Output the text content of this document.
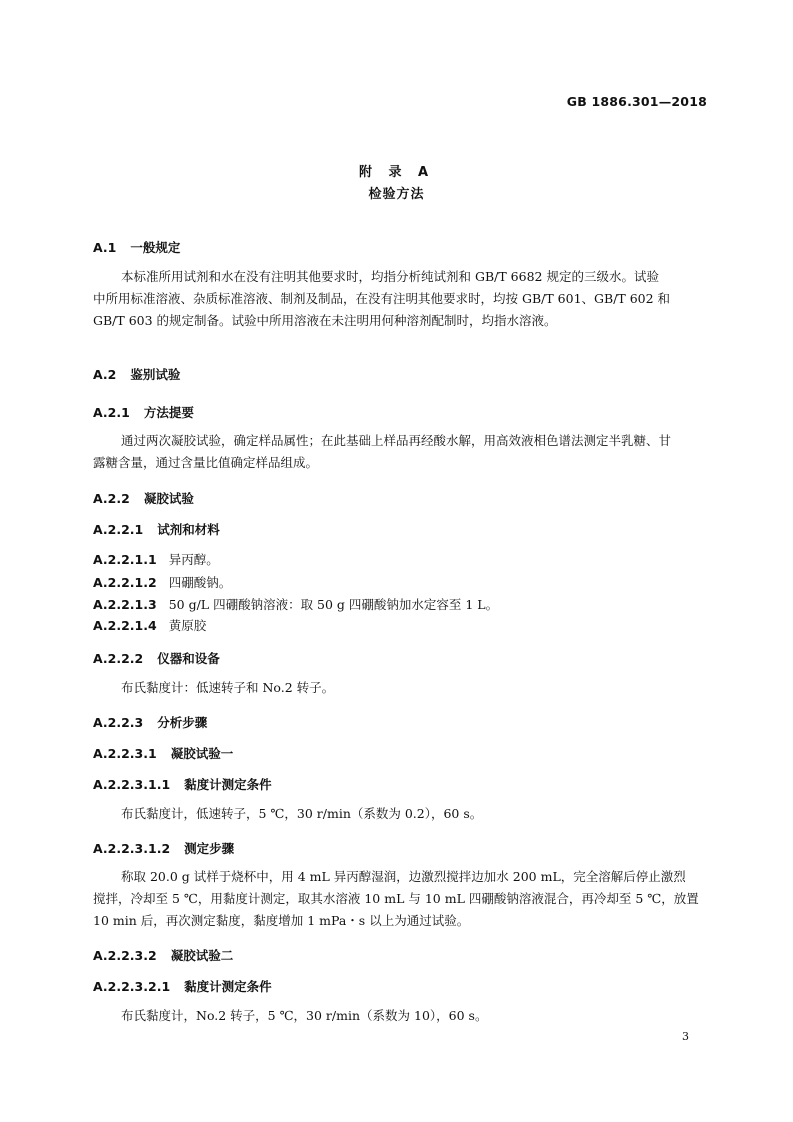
GB 1886.301—2018
附 录 A
检验方法
A.1 一般规定
本标准所用试剂和水在没有注明其他要求时，均指分析纯试剂和 GB/T 6682 规定的三级水。试验
中所用标准溶液、杂质标准溶液、制剂及制品，在没有注明其他要求时，均按 GB/T 601、GB/T 602 和
GB/T 603 的规定制备。试验中所用溶液在未注明用何种溶剂配制时，均指水溶液。
A.2 鉴别试验
A.2.1 方法提要
通过两次凝胶试验，确定样品属性；在此基础上样品再经酸水解，用高效液相色谱法测定半乳糖、甘
露糖含量，通过含量比值确定样品组成。
A.2.2 凝胶试验
A.2.2.1 试剂和材料
A.2.2.1.1 异丙醇。
A.2.2.1.2 四硼酸钠。
A.2.2.1.3 50 g/L 四硼酸钠溶液：取 50 g 四硼酸钠加水定容至 1 L。
A.2.2.1.4 黄原胶
A.2.2.2 仪器和设备
布氏黏度计：低速转子和 No.2 转子。
A.2.2.3 分析步骤
A.2.2.3.1 凝胶试验一
A.2.2.3.1.1 黏度计测定条件
布氏黏度计，低速转子，5 ℃，30 r/min（系数为 0.2），60 s。
A.2.2.3.1.2 测定步骤
称取 20.0 g 试样于烧杯中，用 4 mL 异丙醇湿润，边激烈搅拌边加水 200 mL，完全溶解后停止激烈
搅拌，冷却至 5 ℃，用黏度计测定，取其水溶液 10 mL 与 10 mL 四硼酸钠溶液混合，再冷却至 5 ℃，放置
10 min 后，再次测定黏度，黏度增加 1 mPa・s 以上为通过试验。
A.2.2.3.2 凝胶试验二
A.2.2.3.2.1 黏度计测定条件
布氏黏度计，No.2 转子，5 ℃，30 r/min（系数为 10），60 s。
3
